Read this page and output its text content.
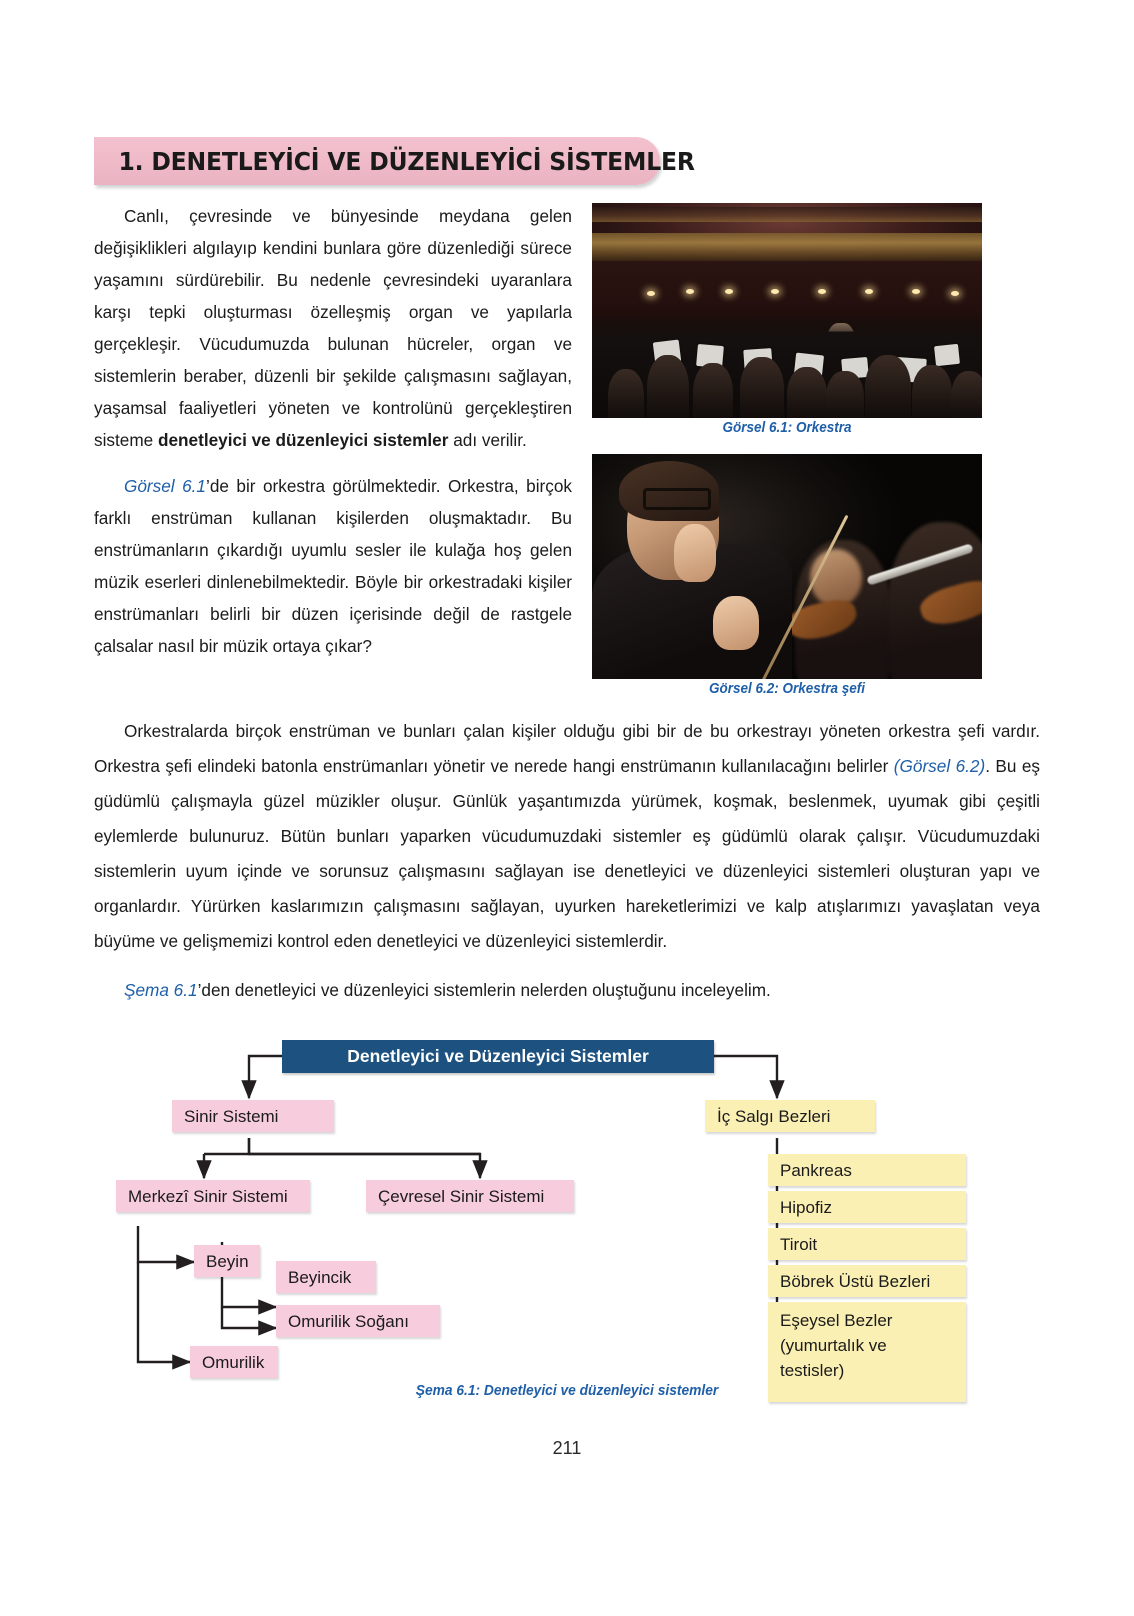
1. DENETLEYİCİ VE DÜZENLEYİCİ SİSTEMLER

Canlı, çevresinde ve bünyesinde meydana gelen değişiklikleri algılayıp kendini bunlara göre düzenlediği sürece yaşamını sürdürebilir. Bu nedenle çevresindeki uyaranlara karşı tepki oluşturması özelleşmiş organ ve yapılarla gerçekleşir. Vücudumuzda bulunan hücreler, organ ve sistemlerin beraber, düzenli bir şekilde çalışmasını sağlayan, yaşamsal faaliyetleri yöneten ve kontrolünü gerçekleştiren sisteme denetleyici ve düzenleyici sistemler adı verilir.

Görsel 6.1’de bir orkestra görülmektedir. Orkestra, birçok farklı enstrüman kullanan kişilerden oluşmaktadır. Bu enstrümanların çıkardığı uyumlu sesler ile kulağa hoş gelen müzik eserleri dinlenebilmektedir. Böyle bir orkestradaki kişiler enstrümanları belirli bir düzen içerisinde değil de rastgele çalsalar nasıl bir müzik ortaya çıkar?

Görsel 6.1: Orkestra
Görsel 6.2: Orkestra şefi

Orkestralarda birçok enstrüman ve bunları çalan kişiler olduğu gibi bir de bu orkestrayı yöneten orkestra şefi vardır. Orkestra şefi elindeki batonla enstrümanları yönetir ve nerede hangi enstrümanın kullanılacağını belirler (Görsel 6.2). Bu eş güdümlü çalışmayla güzel müzikler oluşur. Günlük yaşantımızda yürümek, koşmak, beslenmek, uyumak gibi çeşitli eylemlerde bulunuruz. Bütün bunları yaparken vücudumuzdaki sistemler eş güdümlü olarak çalışır. Vücudumuzdaki sistemlerin uyum içinde ve sorunsuz çalışmasını sağlayan ise denetleyici ve düzenleyici sistemleri oluşturan yapı ve organlardır. Yürürken kaslarımızın çalışmasını sağlayan, uyurken hareketlerimizi ve kalp atışlarımızı yavaşlatan veya büyüme ve gelişmemizi kontrol eden denetleyici ve düzenleyici sistemlerdir.

Şema 6.1’den denetleyici ve düzenleyici sistemlerin nelerden oluştuğunu inceleyelim.

Denetleyici ve Düzenleyici Sistemler
Sinir Sistemi	İç Salgı Bezleri
Merkezî Sinir Sistemi	Çevresel Sinir Sistemi
Beyin
Omurilik
Beyincik
Omurilik Soğanı
Pankreas
Hipofiz
Tiroit
Böbrek Üstü Bezleri
Eşeysel Bezler (yumurtalık ve testisler)
Şema 6.1: Denetleyici ve düzenleyici sistemler
211
